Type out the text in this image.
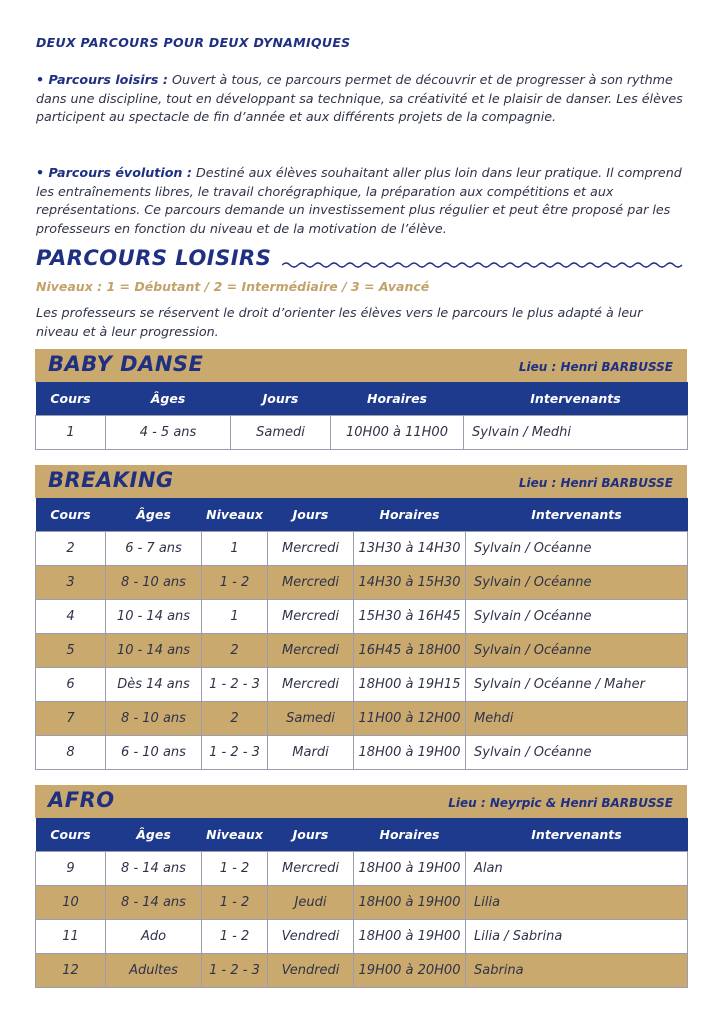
DEUX PARCOURS POUR DEUX DYNAMIQUES
• Parcours loisirs : Ouvert à tous, ce parcours permet de découvrir et de progresser à son rythme dans une discipline, tout en développant sa technique, sa créativité et le plaisir de danser. Les élèves participent au spectacle de fin d’année et aux différents projets de la compagnie.
• Parcours évolution : Destiné aux élèves souhaitant aller plus loin dans leur pratique. Il comprend les entraînements libres, le travail chorégraphique, la préparation aux compétitions et aux représentations. Ce parcours demande un investissement plus régulier et peut être proposé par les professeurs en fonction du niveau et de la motivation de l’élève.
PARCOURS LOISIRS
Niveaux : 1 = Débutant / 2 = Intermédiaire / 3 = Avancé
Les professeurs se réservent le droit d’orienter les élèves vers le parcours le plus adapté à leur niveau et à leur progression.
BABY DANSE	Lieu : Henri BARBUSSE
Cours	Âges	Jours	Horaires	Intervenants
1	4 - 5 ans	Samedi	10H00 à 11H00	Sylvain / Medhi
BREAKING	Lieu : Henri BARBUSSE
Cours	Âges	Niveaux	Jours	Horaires	Intervenants
2	6 - 7 ans	1	Mercredi	13H30 à 14H30	Sylvain / Océanne
3	8 - 10 ans	1 - 2	Mercredi	14H30 à 15H30	Sylvain / Océanne
4	10 - 14 ans	1	Mercredi	15H30 à 16H45	Sylvain / Océanne
5	10 - 14 ans	2	Mercredi	16H45 à 18H00	Sylvain / Océanne
6	Dès 14 ans	1 - 2 - 3	Mercredi	18H00 à 19H15	Sylvain / Océanne / Maher
7	8 - 10 ans	2	Samedi	11H00 à 12H00	Mehdi
8	6 - 10 ans	1 - 2 - 3	Mardi	18H00 à 19H00	Sylvain / Océanne
AFRO	Lieu : Neyrpic & Henri BARBUSSE
Cours	Âges	Niveaux	Jours	Horaires	Intervenants
9	8 - 14 ans	1 - 2	Mercredi	18H00 à 19H00	Alan
10	8 - 14 ans	1 - 2	Jeudi	18H00 à 19H00	Lilia
11	Ado	1 - 2	Vendredi	18H00 à 19H00	Lilia / Sabrina
12	Adultes	1 - 2 - 3	Vendredi	19H00 à 20H00	Sabrina
